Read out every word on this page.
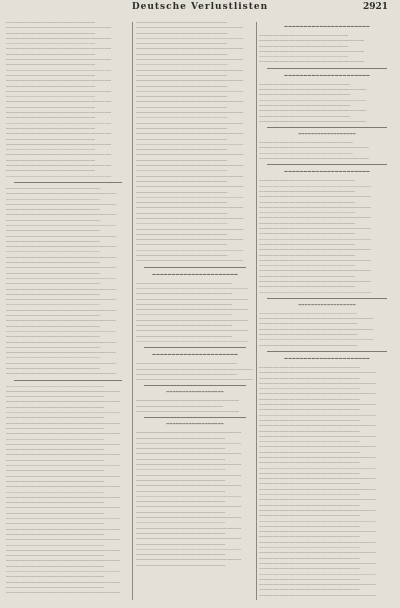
Deutsche Verlustlisten	2921
‒‒‒‒‒‒‒‒‒‒‒‒‒‒‒‒‒‒‒‒‒‒‒‒‒‒‒‒‒‒‒‒‒‒‒‒‒‒‒
‒‒‒‒‒‒‒‒‒‒‒‒‒‒‒‒‒‒‒‒‒‒‒‒‒‒‒‒‒‒‒‒‒‒‒‒‒‒‒‒‒‒‒‒‒‒
‒‒‒‒‒‒‒‒‒‒‒‒‒‒‒‒‒‒‒‒‒‒‒‒‒‒‒‒‒‒‒‒‒‒‒‒‒‒‒
‒‒‒‒‒‒‒‒‒‒‒‒‒‒‒‒‒‒‒‒‒‒‒‒‒‒‒‒‒‒‒‒‒‒‒‒‒‒‒‒‒‒‒‒‒‒
‒‒‒‒‒‒‒‒‒‒‒‒‒‒‒‒‒‒‒‒‒‒‒‒‒‒‒‒‒‒‒‒‒‒‒‒‒‒‒
‒‒‒‒‒‒‒‒‒‒‒‒‒‒‒‒‒‒‒‒‒‒‒‒‒‒‒‒‒‒‒‒‒‒‒‒‒‒‒‒‒‒‒‒‒‒
‒‒‒‒‒‒‒‒‒‒‒‒‒‒‒‒‒‒‒‒‒‒‒‒‒‒‒‒‒‒‒‒‒‒‒‒‒‒‒
‒‒‒‒‒‒‒‒‒‒‒‒‒‒‒‒‒‒‒‒‒‒‒‒‒‒‒‒‒‒‒‒‒‒‒‒‒‒‒‒‒‒‒‒‒‒
‒‒‒‒‒‒‒‒‒‒‒‒‒‒‒‒‒‒‒‒‒‒‒‒‒‒‒‒‒‒‒‒‒‒‒‒‒‒‒
‒‒‒‒‒‒‒‒‒‒‒‒‒‒‒‒‒‒‒‒‒‒‒‒‒‒‒‒‒‒‒‒‒‒‒‒‒‒‒‒‒‒‒‒‒‒
‒‒‒‒‒‒‒‒‒‒‒‒‒‒‒‒‒‒‒‒‒‒‒‒‒‒‒‒‒‒‒‒‒‒‒‒‒‒‒
‒‒‒‒‒‒‒‒‒‒‒‒‒‒‒‒‒‒‒‒‒‒‒‒‒‒‒‒‒‒‒‒‒‒‒‒‒‒‒‒‒‒‒‒‒‒
‒‒‒‒‒‒‒‒‒‒‒‒‒‒‒‒‒‒‒‒‒‒‒‒‒‒‒‒‒‒‒‒‒‒‒‒‒‒‒
‒‒‒‒‒‒‒‒‒‒‒‒‒‒‒‒‒‒‒‒‒‒‒‒‒‒‒‒‒‒‒‒‒‒‒‒‒‒‒‒‒‒‒‒‒‒
‒‒‒‒‒‒‒‒‒‒‒‒‒‒‒‒‒‒‒‒‒‒‒‒‒‒‒‒‒‒‒‒‒‒‒‒‒‒‒
‒‒‒‒‒‒‒‒‒‒‒‒‒‒‒‒‒‒‒‒‒‒‒‒‒‒‒‒‒‒‒‒‒‒‒‒‒‒‒‒‒‒‒‒‒‒
‒‒‒‒‒‒‒‒‒‒‒‒‒‒‒‒‒‒‒‒‒‒‒‒‒‒‒‒‒‒‒‒‒‒‒‒‒‒‒
‒‒‒‒‒‒‒‒‒‒‒‒‒‒‒‒‒‒‒‒‒‒‒‒‒‒‒‒‒‒‒‒‒‒‒‒‒‒‒‒‒‒‒‒‒‒
‒‒‒‒‒‒‒‒‒‒‒‒‒‒‒‒‒‒‒‒‒‒‒‒‒‒‒‒‒‒‒‒‒‒‒‒‒‒‒
‒‒‒‒‒‒‒‒‒‒‒‒‒‒‒‒‒‒‒‒‒‒‒‒‒‒‒‒‒‒‒‒‒‒‒‒‒‒‒‒‒‒‒‒‒‒
‒‒‒‒‒‒‒‒‒‒‒‒‒‒‒‒‒‒‒‒‒‒‒‒‒‒‒‒‒‒‒‒‒‒‒‒‒‒‒
‒‒‒‒‒‒‒‒‒‒‒‒‒‒‒‒‒‒‒‒‒‒‒‒‒‒‒‒‒‒‒‒‒‒‒‒‒‒‒‒‒‒‒‒‒‒
‒‒‒‒‒‒‒‒‒‒‒‒‒‒‒‒‒‒‒‒‒‒‒‒‒‒‒‒‒‒‒‒‒‒‒‒‒‒‒
‒‒‒‒‒‒‒‒‒‒‒‒‒‒‒‒‒‒‒‒‒‒‒‒‒‒‒‒‒‒‒‒‒‒‒‒‒‒‒‒‒‒‒‒‒‒
‒‒‒‒‒‒‒‒‒‒‒‒‒‒‒‒‒‒‒‒‒‒‒‒‒‒‒‒‒‒‒‒‒‒‒‒‒‒‒
‒‒‒‒‒‒‒‒‒‒‒‒‒‒‒‒‒‒‒‒‒‒‒‒‒‒‒‒‒‒‒‒‒‒‒‒‒‒‒‒‒‒‒‒‒‒
‒‒‒‒‒‒‒‒‒‒‒‒‒‒‒‒‒‒‒‒‒‒‒‒‒‒‒‒‒‒‒‒‒‒‒‒‒‒‒
‒‒‒‒‒‒‒‒‒‒‒‒‒‒‒‒‒‒‒‒‒‒‒‒‒‒‒‒‒‒‒‒‒‒‒‒‒‒‒‒‒‒‒‒‒‒
‒‒‒‒‒‒‒‒‒‒‒‒‒‒‒‒‒‒‒‒‒‒‒‒‒‒‒‒‒‒‒‒‒‒‒‒‒‒‒
‒‒‒‒‒‒‒‒‒‒‒‒‒‒‒‒‒‒‒‒‒‒‒‒‒‒‒‒‒‒‒‒‒‒‒‒‒‒‒‒‒‒‒‒‒‒
‒‒‒‒‒‒‒‒‒‒‒‒‒‒‒‒‒‒‒‒‒‒‒‒‒‒‒‒‒‒‒‒‒‒‒‒‒‒‒‒‒
‒‒‒‒‒‒‒‒‒‒‒‒‒‒‒‒‒‒‒‒‒‒‒‒‒‒‒‒‒‒‒‒‒‒‒‒‒‒‒‒‒‒‒‒‒‒‒‒
‒‒‒‒‒‒‒‒‒‒‒‒‒‒‒‒‒‒‒‒‒‒‒‒‒‒‒‒‒‒‒‒‒‒‒‒‒‒‒‒‒
‒‒‒‒‒‒‒‒‒‒‒‒‒‒‒‒‒‒‒‒‒‒‒‒‒‒‒‒‒‒‒‒‒‒‒‒‒‒‒‒‒‒‒‒‒‒‒‒
‒‒‒‒‒‒‒‒‒‒‒‒‒‒‒‒‒‒‒‒‒‒‒‒‒‒‒‒‒‒‒‒‒‒‒‒‒‒‒‒‒
‒‒‒‒‒‒‒‒‒‒‒‒‒‒‒‒‒‒‒‒‒‒‒‒‒‒‒‒‒‒‒‒‒‒‒‒‒‒‒‒‒‒‒‒‒‒‒‒
‒‒‒‒‒‒‒‒‒‒‒‒‒‒‒‒‒‒‒‒‒‒‒‒‒‒‒‒‒‒‒‒‒‒‒‒‒‒‒‒‒
‒‒‒‒‒‒‒‒‒‒‒‒‒‒‒‒‒‒‒‒‒‒‒‒‒‒‒‒‒‒‒‒‒‒‒‒‒‒‒‒‒‒‒‒‒‒‒‒
‒‒‒‒‒‒‒‒‒‒‒‒‒‒‒‒‒‒‒‒‒‒‒‒‒‒‒‒‒‒‒‒‒‒‒‒‒‒‒‒‒
‒‒‒‒‒‒‒‒‒‒‒‒‒‒‒‒‒‒‒‒‒‒‒‒‒‒‒‒‒‒‒‒‒‒‒‒‒‒‒‒‒‒‒‒‒‒‒‒
‒‒‒‒‒‒‒‒‒‒‒‒‒‒‒‒‒‒‒‒‒‒‒‒‒‒‒‒‒‒‒‒‒‒‒‒‒‒‒‒‒
‒‒‒‒‒‒‒‒‒‒‒‒‒‒‒‒‒‒‒‒‒‒‒‒‒‒‒‒‒‒‒‒‒‒‒‒‒‒‒‒‒‒‒‒‒‒‒‒
‒‒‒‒‒‒‒‒‒‒‒‒‒‒‒‒‒‒‒‒‒‒‒‒‒‒‒‒‒‒‒‒‒‒‒‒‒‒‒‒‒
‒‒‒‒‒‒‒‒‒‒‒‒‒‒‒‒‒‒‒‒‒‒‒‒‒‒‒‒‒‒‒‒‒‒‒‒‒‒‒‒‒‒‒‒‒‒‒‒
‒‒‒‒‒‒‒‒‒‒‒‒‒‒‒‒‒‒‒‒‒‒‒‒‒‒‒‒‒‒‒‒‒‒‒‒‒‒‒‒‒
‒‒‒‒‒‒‒‒‒‒‒‒‒‒‒‒‒‒‒‒‒‒‒‒‒‒‒‒‒‒‒‒‒‒‒‒‒‒‒‒‒‒‒‒‒‒‒‒
‒‒‒‒‒‒‒‒‒‒‒‒‒‒‒‒‒‒‒‒‒‒‒‒‒‒‒‒‒‒‒‒‒‒‒‒‒‒‒‒‒
‒‒‒‒‒‒‒‒‒‒‒‒‒‒‒‒‒‒‒‒‒‒‒‒‒‒‒‒‒‒‒‒‒‒‒‒‒‒‒‒‒‒‒‒‒‒‒‒
‒‒‒‒‒‒‒‒‒‒‒‒‒‒‒‒‒‒‒‒‒‒‒‒‒‒‒‒‒‒‒‒‒‒‒‒‒‒‒‒‒
‒‒‒‒‒‒‒‒‒‒‒‒‒‒‒‒‒‒‒‒‒‒‒‒‒‒‒‒‒‒‒‒‒‒‒‒‒‒‒‒‒‒‒‒‒‒‒‒
‒‒‒‒‒‒‒‒‒‒‒‒‒‒‒‒‒‒‒‒‒‒‒‒‒‒‒‒‒‒‒‒‒‒‒‒‒‒‒‒‒
‒‒‒‒‒‒‒‒‒‒‒‒‒‒‒‒‒‒‒‒‒‒‒‒‒‒‒‒‒‒‒‒‒‒‒‒‒‒‒‒‒‒‒‒‒‒‒‒
‒‒‒‒‒‒‒‒‒‒‒‒‒‒‒‒‒‒‒‒‒‒‒‒‒‒‒‒‒‒‒‒‒‒‒‒‒‒‒‒‒
‒‒‒‒‒‒‒‒‒‒‒‒‒‒‒‒‒‒‒‒‒‒‒‒‒‒‒‒‒‒‒‒‒‒‒‒‒‒‒‒‒‒‒‒‒‒‒‒
‒‒‒‒‒‒‒‒‒‒‒‒‒‒‒‒‒‒‒‒‒‒‒‒‒‒‒‒‒‒‒‒‒‒‒‒‒‒‒‒‒
‒‒‒‒‒‒‒‒‒‒‒‒‒‒‒‒‒‒‒‒‒‒‒‒‒‒‒‒‒‒‒‒‒‒‒‒‒‒‒‒‒‒‒‒‒‒‒‒
‒‒‒‒‒‒‒‒‒‒‒‒‒‒‒‒‒‒‒‒‒‒‒‒‒‒‒‒‒‒‒‒‒‒‒‒‒‒‒‒‒
‒‒‒‒‒‒‒‒‒‒‒‒‒‒‒‒‒‒‒‒‒‒‒‒‒‒‒‒‒‒‒‒‒‒‒‒‒‒‒‒‒‒‒‒‒‒‒‒
‒‒‒‒‒‒‒‒‒‒‒‒‒‒‒‒‒‒‒‒‒‒‒‒‒‒‒‒‒‒‒‒‒‒‒‒‒‒‒‒‒
‒‒‒‒‒‒‒‒‒‒‒‒‒‒‒‒‒‒‒‒‒‒‒‒‒‒‒‒‒‒‒‒‒‒‒‒‒‒‒‒‒‒‒‒‒‒‒‒
‒‒‒‒‒‒‒‒‒‒‒‒‒‒‒‒‒‒‒‒‒‒‒‒‒‒‒‒‒‒‒‒‒‒‒‒‒‒‒‒‒
‒‒‒‒‒‒‒‒‒‒‒‒‒‒‒‒‒‒‒‒‒‒‒‒‒‒‒‒‒‒‒‒‒‒‒‒‒‒‒‒‒‒‒‒‒‒‒‒
‒‒‒‒‒‒‒‒‒‒‒‒‒‒‒‒‒‒‒‒‒‒‒‒‒‒‒‒‒‒‒‒‒‒‒‒‒‒‒‒‒
‒‒‒‒‒‒‒‒‒‒‒‒‒‒‒‒‒‒‒‒‒‒‒‒‒‒‒‒‒‒‒‒‒‒‒‒‒‒‒‒‒‒‒‒‒‒‒‒
‒‒‒‒‒‒‒‒‒‒‒‒‒‒‒‒‒‒‒‒‒‒‒‒‒‒‒‒‒‒‒‒‒‒‒‒‒‒‒‒‒
‒‒‒‒‒‒‒‒‒‒‒‒‒‒‒‒‒‒‒‒‒‒‒‒‒‒‒‒‒‒‒‒‒‒‒‒‒‒‒‒‒‒‒‒‒‒‒‒
‒‒‒‒‒‒‒‒‒‒‒‒‒‒‒‒‒‒‒‒‒‒‒‒‒‒‒‒‒‒‒‒‒‒‒‒‒‒‒‒‒‒‒
‒‒‒‒‒‒‒‒‒‒‒‒‒‒‒‒‒‒‒‒‒‒‒‒‒‒‒‒‒‒‒‒‒‒‒‒‒‒‒‒‒‒‒‒‒‒‒‒‒‒
‒‒‒‒‒‒‒‒‒‒‒‒‒‒‒‒‒‒‒‒‒‒‒‒‒‒‒‒‒‒‒‒‒‒‒‒‒‒‒‒‒‒‒
‒‒‒‒‒‒‒‒‒‒‒‒‒‒‒‒‒‒‒‒‒‒‒‒‒‒‒‒‒‒‒‒‒‒‒‒‒‒‒‒‒‒‒‒‒‒‒‒‒‒
‒‒‒‒‒‒‒‒‒‒‒‒‒‒‒‒‒‒‒‒‒‒‒‒‒‒‒‒‒‒‒‒‒‒‒‒‒‒‒‒‒‒‒
‒‒‒‒‒‒‒‒‒‒‒‒‒‒‒‒‒‒‒‒‒‒‒‒‒‒‒‒‒‒‒‒‒‒‒‒‒‒‒‒‒‒‒‒‒‒‒‒‒‒
‒‒‒‒‒‒‒‒‒‒‒‒‒‒‒‒‒‒‒‒‒‒‒‒‒‒‒‒‒‒‒‒‒‒‒‒‒‒‒‒‒‒‒
‒‒‒‒‒‒‒‒‒‒‒‒‒‒‒‒‒‒‒‒‒‒‒‒‒‒‒‒‒‒‒‒‒‒‒‒‒‒‒‒‒‒‒‒‒‒‒‒‒‒
‒‒‒‒‒‒‒‒‒‒‒‒‒‒‒‒‒‒‒‒‒‒‒‒‒‒‒‒‒‒‒‒‒‒‒‒‒‒‒‒‒‒‒
‒‒‒‒‒‒‒‒‒‒‒‒‒‒‒‒‒‒‒‒‒‒‒‒‒‒‒‒‒‒‒‒‒‒‒‒‒‒‒‒‒‒‒‒‒‒‒‒‒‒
‒‒‒‒‒‒‒‒‒‒‒‒‒‒‒‒‒‒‒‒‒‒‒‒‒‒‒‒‒‒‒‒‒‒‒‒‒‒‒‒‒‒‒
‒‒‒‒‒‒‒‒‒‒‒‒‒‒‒‒‒‒‒‒‒‒‒‒‒‒‒‒‒‒‒‒‒‒‒‒‒‒‒‒‒‒‒‒‒‒‒‒‒‒
‒‒‒‒‒‒‒‒‒‒‒‒‒‒‒‒‒‒‒‒‒‒‒‒‒‒‒‒‒‒‒‒‒‒‒‒‒‒‒‒‒‒‒
‒‒‒‒‒‒‒‒‒‒‒‒‒‒‒‒‒‒‒‒‒‒‒‒‒‒‒‒‒‒‒‒‒‒‒‒‒‒‒‒‒‒‒‒‒‒‒‒‒‒
‒‒‒‒‒‒‒‒‒‒‒‒‒‒‒‒‒‒‒‒‒‒‒‒‒‒‒‒‒‒‒‒‒‒‒‒‒‒‒‒‒‒‒
‒‒‒‒‒‒‒‒‒‒‒‒‒‒‒‒‒‒‒‒‒‒‒‒‒‒‒‒‒‒‒‒‒‒‒‒‒‒‒‒‒‒‒‒‒‒‒‒‒‒
‒‒‒‒‒‒‒‒‒‒‒‒‒‒‒‒‒‒‒‒‒‒‒‒‒‒‒‒‒‒‒‒‒‒‒‒‒‒‒‒‒‒‒
‒‒‒‒‒‒‒‒‒‒‒‒‒‒‒‒‒‒‒‒‒‒‒‒‒‒‒‒‒‒‒‒‒‒‒‒‒‒‒‒‒‒‒‒‒‒‒‒‒‒
‒‒‒‒‒‒‒‒‒‒‒‒‒‒‒‒‒‒‒‒‒‒‒‒‒‒‒‒‒‒‒‒‒‒‒‒‒‒‒‒‒‒‒
‒‒‒‒‒‒‒‒‒‒‒‒‒‒‒‒‒‒‒‒‒‒‒‒‒‒‒‒‒‒‒‒‒‒‒‒‒‒‒‒‒‒‒‒‒‒‒‒‒‒
‒‒‒‒‒‒‒‒‒‒‒‒‒‒‒‒‒‒‒‒‒‒‒‒‒‒‒‒‒‒‒‒‒‒‒‒‒‒‒‒‒‒‒
‒‒‒‒‒‒‒‒‒‒‒‒‒‒‒‒‒‒‒‒‒‒‒‒‒‒‒‒‒‒‒‒‒‒‒‒‒‒‒‒‒‒‒‒‒‒‒‒‒‒
‒‒‒‒‒‒‒‒‒‒‒‒‒‒‒‒‒‒‒‒‒‒‒‒‒‒‒‒‒‒‒‒‒‒‒‒‒‒‒‒‒‒‒
‒‒‒‒‒‒‒‒‒‒‒‒‒‒‒‒‒‒‒‒‒‒‒‒‒‒‒‒‒‒‒‒‒‒‒‒‒‒‒‒‒‒‒‒‒‒‒‒‒‒
‒‒‒‒‒‒‒‒‒‒‒‒‒‒‒‒‒‒‒‒‒‒‒‒‒‒‒‒‒‒‒‒‒‒‒‒‒‒‒‒‒‒‒
‒‒‒‒‒‒‒‒‒‒‒‒‒‒‒‒‒‒‒‒‒‒‒‒‒‒‒‒‒‒‒‒‒‒‒‒‒‒‒‒‒‒‒‒‒‒‒‒‒‒
‒‒‒‒‒‒‒‒‒‒‒‒‒‒‒‒‒‒‒‒‒‒‒‒‒‒‒‒‒‒‒‒‒‒‒‒‒‒‒‒‒‒‒
‒‒‒‒‒‒‒‒‒‒‒‒‒‒‒‒‒‒‒‒‒‒‒‒‒‒‒‒‒‒‒‒‒‒‒‒‒‒‒‒‒‒‒‒‒‒‒‒‒‒
‒‒‒‒‒‒‒‒‒‒‒‒‒‒‒‒‒‒‒‒‒‒‒‒‒‒‒‒‒‒‒‒‒‒‒‒‒‒‒‒‒‒‒
‒‒‒‒‒‒‒‒‒‒‒‒‒‒‒‒‒‒‒‒‒‒‒‒‒‒‒‒‒‒‒‒‒‒‒‒‒‒‒‒‒‒‒‒‒‒‒‒‒‒
‒‒‒‒‒‒‒‒‒‒‒‒‒‒‒‒‒‒‒‒‒‒‒‒‒‒‒‒‒‒‒‒‒‒‒‒‒‒‒‒‒‒‒
‒‒‒‒‒‒‒‒‒‒‒‒‒‒‒‒‒‒‒‒‒‒‒‒‒‒‒‒‒‒‒‒‒‒‒‒‒‒‒‒‒‒‒‒‒‒‒‒‒‒
‒‒‒‒‒‒‒‒‒‒‒‒‒‒‒‒‒‒‒‒‒‒‒‒‒‒‒‒‒‒‒‒‒‒‒‒‒‒‒‒‒‒‒
‒‒‒‒‒‒‒‒‒‒‒‒‒‒‒‒‒‒‒‒‒‒‒‒‒‒‒‒‒‒‒‒‒‒‒‒‒‒‒‒‒‒‒‒‒‒‒‒‒‒
‒‒‒‒‒‒‒‒‒‒‒‒‒‒‒‒‒‒‒‒‒‒‒‒‒‒‒‒‒‒‒‒‒‒‒‒‒‒‒‒‒‒‒
‒‒‒‒‒‒‒‒‒‒‒‒‒‒‒‒‒‒‒‒‒‒‒‒‒‒‒‒‒‒‒‒‒‒‒‒‒‒‒‒‒‒‒‒‒‒‒‒‒‒
‒‒‒‒‒‒‒‒‒‒‒‒‒‒‒‒‒‒‒‒‒‒‒‒‒‒‒‒‒‒‒‒‒‒‒‒‒‒‒‒‒‒‒
‒‒‒‒‒‒‒‒‒‒‒‒‒‒‒‒‒‒‒‒‒‒‒‒‒‒‒‒‒‒‒‒‒‒‒‒‒‒‒‒‒‒‒‒‒‒‒‒‒‒
‒‒‒‒‒‒‒‒‒‒‒‒‒‒‒‒‒‒‒‒‒‒‒‒‒‒‒‒‒‒‒‒‒‒‒‒‒‒‒‒‒‒‒
‒‒‒‒‒‒‒‒‒‒‒‒‒‒‒‒‒‒‒‒‒‒‒‒‒‒‒‒‒‒‒‒‒‒‒‒‒‒‒‒‒‒‒‒‒‒‒‒‒‒
‒‒‒‒‒‒‒‒‒‒‒‒‒‒‒‒‒‒‒‒‒‒‒‒‒‒‒‒‒‒‒‒‒‒‒‒‒‒‒‒
‒‒‒‒‒‒‒‒‒‒‒‒‒‒‒‒‒‒‒‒‒‒‒‒‒‒‒‒‒‒‒‒‒‒‒‒‒‒‒‒‒‒‒‒‒‒‒
‒‒‒‒‒‒‒‒‒‒‒‒‒‒‒‒‒‒‒‒‒‒‒‒‒‒‒‒‒‒‒‒‒‒‒‒‒‒‒‒
‒‒‒‒‒‒‒‒‒‒‒‒‒‒‒‒‒‒‒‒‒‒‒‒‒‒‒‒‒‒‒‒‒‒‒‒‒‒‒‒‒‒‒‒‒‒‒
‒‒‒‒‒‒‒‒‒‒‒‒‒‒‒‒‒‒‒‒‒‒‒‒‒‒‒‒‒‒‒‒‒‒‒‒‒‒‒‒
‒‒‒‒‒‒‒‒‒‒‒‒‒‒‒‒‒‒‒‒‒‒‒‒‒‒‒‒‒‒‒‒‒‒‒‒‒‒‒‒‒‒‒‒‒‒‒
‒‒‒‒‒‒‒‒‒‒‒‒‒‒‒‒‒‒‒‒‒‒‒‒‒‒‒‒‒‒‒‒‒‒‒‒‒‒‒‒
‒‒‒‒‒‒‒‒‒‒‒‒‒‒‒‒‒‒‒‒‒‒‒‒‒‒‒‒‒‒‒‒‒‒‒‒‒‒‒‒‒‒‒‒‒‒‒
‒‒‒‒‒‒‒‒‒‒‒‒‒‒‒‒‒‒‒‒‒‒‒‒‒‒‒‒‒‒‒‒‒‒‒‒‒‒‒‒
‒‒‒‒‒‒‒‒‒‒‒‒‒‒‒‒‒‒‒‒‒‒‒‒‒‒‒‒‒‒‒‒‒‒‒‒‒‒‒‒‒‒‒‒‒‒‒
‒‒‒‒‒‒‒‒‒‒‒‒‒‒‒‒‒‒‒‒‒‒‒‒‒‒‒‒‒‒‒‒‒‒‒‒‒‒‒‒
‒‒‒‒‒‒‒‒‒‒‒‒‒‒‒‒‒‒‒‒‒‒‒‒‒‒‒‒‒‒‒‒‒‒‒‒‒‒‒‒‒‒‒‒‒‒‒
‒‒‒‒‒‒‒‒‒‒‒‒‒‒‒‒‒‒‒‒‒‒‒‒‒‒‒‒‒‒‒‒‒‒‒‒‒‒‒‒
‒‒‒‒‒‒‒‒‒‒‒‒‒‒‒‒‒‒‒‒‒‒‒‒‒‒‒‒‒‒‒‒‒‒‒‒‒‒‒‒‒‒‒‒‒‒‒
‒‒‒‒‒‒‒‒‒‒‒‒‒‒‒‒‒‒‒‒‒‒‒‒‒‒‒‒‒‒‒‒‒‒‒‒‒‒‒‒
‒‒‒‒‒‒‒‒‒‒‒‒‒‒‒‒‒‒‒‒‒‒‒‒‒‒‒‒‒‒‒‒‒‒‒‒‒‒‒‒‒‒‒‒‒‒‒
‒‒‒‒‒‒‒‒‒‒‒‒‒‒‒‒‒‒‒‒‒‒‒‒‒‒‒‒‒‒‒‒‒‒‒‒‒‒‒‒
‒‒‒‒‒‒‒‒‒‒‒‒‒‒‒‒‒‒‒‒‒‒‒‒‒‒‒‒‒‒‒‒‒‒‒‒‒‒‒‒‒‒‒‒‒‒‒
‒‒‒‒‒‒‒‒‒‒‒‒‒‒‒‒‒‒‒‒‒‒‒‒‒‒‒‒‒‒‒‒‒‒‒‒‒‒‒‒
‒‒‒‒‒‒‒‒‒‒‒‒‒‒‒‒‒‒‒‒‒‒‒‒‒‒‒‒‒‒‒‒‒‒‒‒‒‒‒‒‒‒‒‒‒‒‒
‒‒‒‒‒‒‒‒‒‒‒‒‒‒‒‒‒‒‒‒‒‒‒‒‒‒‒‒‒‒‒‒‒‒‒‒‒‒‒‒
‒‒‒‒‒‒‒‒‒‒‒‒‒‒‒‒‒‒‒‒‒‒‒‒‒‒‒‒‒‒‒‒‒‒‒‒‒‒‒‒‒‒‒‒‒‒‒
‒‒‒‒‒‒‒‒‒‒‒‒‒‒‒‒‒‒‒‒‒‒‒‒‒‒‒‒‒‒‒‒‒‒‒‒‒‒‒‒
‒‒‒‒‒‒‒‒‒‒‒‒‒‒‒‒‒‒‒‒‒‒‒‒‒‒‒‒‒‒‒‒‒‒‒‒‒‒‒‒‒‒‒‒‒‒‒
‒‒‒‒‒‒‒‒‒‒‒‒‒‒‒‒‒‒‒‒‒‒‒‒‒‒‒‒‒‒‒‒‒‒‒‒‒‒‒‒
‒‒‒‒‒‒‒‒‒‒‒‒‒‒‒‒‒‒‒‒‒‒‒‒‒‒‒‒‒‒‒‒‒‒‒‒‒‒‒‒‒‒‒‒‒‒‒
‒‒‒‒‒‒‒‒‒‒‒‒‒‒‒‒‒‒‒‒‒‒‒‒‒‒‒‒‒‒‒‒‒‒‒‒‒‒‒‒
‒‒‒‒‒‒‒‒‒‒‒‒‒‒‒‒‒‒‒‒‒‒‒‒‒‒‒‒‒‒‒‒‒‒‒‒‒‒‒‒‒‒‒‒‒‒‒
‒‒‒‒‒‒‒‒‒‒‒‒‒‒‒‒‒‒‒‒‒‒‒‒‒‒‒‒‒‒‒‒‒‒‒‒‒‒‒‒
‒‒‒‒‒‒‒‒‒‒‒‒‒‒‒‒‒‒‒‒‒‒‒‒‒‒‒‒‒‒‒‒‒‒‒‒‒‒‒‒‒‒‒‒‒‒‒
‒‒‒‒‒‒‒‒‒‒‒‒‒‒‒‒‒‒‒‒‒‒‒‒‒‒‒‒‒‒‒‒‒‒‒‒‒‒‒‒
‒‒‒‒‒‒‒‒‒‒‒‒‒‒‒‒‒‒‒‒‒‒‒‒‒‒‒‒‒‒‒‒‒‒‒‒‒‒‒‒‒‒‒‒‒‒‒
‒‒‒‒‒‒‒‒‒‒‒‒‒‒‒‒‒‒‒‒‒‒‒‒‒‒‒‒‒‒‒‒‒‒‒‒‒‒‒‒
‒‒‒‒‒‒‒‒‒‒‒‒‒‒‒‒‒‒‒‒‒‒‒‒‒‒‒‒‒‒‒‒‒‒‒‒‒‒‒‒‒‒‒‒‒‒‒
‒‒‒‒‒‒‒‒‒‒‒‒‒‒‒‒‒‒‒‒‒‒‒‒‒‒‒‒‒‒‒‒‒‒‒‒‒‒‒‒
‒‒‒‒‒‒‒‒‒‒‒‒‒‒‒‒‒‒‒‒‒‒‒‒‒‒‒‒‒‒‒‒‒‒‒‒‒‒‒‒‒‒‒‒‒‒‒
‒‒‒‒‒‒‒‒‒‒‒‒‒‒‒‒‒‒‒‒‒‒‒‒‒‒‒‒‒‒‒‒‒‒‒‒‒‒‒‒
‒‒‒‒‒‒‒‒‒‒‒‒‒‒‒‒‒‒‒‒‒‒‒‒‒‒‒‒‒‒‒‒‒‒‒‒‒‒‒‒‒‒‒‒‒‒‒
‒‒‒‒‒‒‒‒‒‒‒‒‒‒‒‒‒‒‒‒‒‒‒‒‒‒‒‒‒‒‒‒‒‒‒‒‒‒‒‒
‒‒‒‒‒‒‒‒‒‒‒‒‒‒‒‒‒‒‒‒‒‒‒‒‒‒‒‒‒‒‒‒‒‒‒‒‒‒‒‒‒‒‒‒‒‒‒
‒‒‒‒‒‒‒‒‒‒‒‒‒‒‒‒‒‒‒‒‒‒‒‒‒‒‒‒‒‒‒‒‒‒‒‒‒‒‒‒
‒‒‒‒‒‒‒‒‒‒‒‒‒‒‒‒‒‒‒‒‒‒‒‒‒‒‒‒‒‒‒‒‒‒‒‒‒‒‒‒‒‒‒‒‒‒‒
‒‒‒‒‒‒‒‒‒‒‒‒‒‒‒‒‒‒‒‒‒‒‒‒‒‒‒‒‒‒‒‒‒‒‒‒‒‒‒‒
‒‒‒‒‒‒‒‒‒‒‒‒‒‒‒‒‒‒‒‒‒‒‒‒‒‒‒‒‒‒‒‒‒‒‒‒‒‒‒‒‒‒‒‒‒‒‒
‒‒‒‒‒‒‒‒‒‒‒‒‒‒‒‒‒‒‒‒‒‒‒‒‒‒‒‒‒‒‒‒‒‒‒‒‒‒‒‒
‒‒‒‒‒‒‒‒‒‒‒‒‒‒‒‒‒‒‒‒‒‒‒‒‒‒‒‒‒‒‒‒‒‒‒‒‒‒‒‒‒‒‒‒‒‒‒
‒‒‒‒‒‒‒‒‒‒‒‒‒‒‒‒‒‒‒‒‒‒
‒‒‒‒‒‒‒‒‒‒‒‒‒‒‒‒‒‒‒‒‒‒‒‒‒‒‒‒‒‒‒‒‒‒‒‒‒‒‒‒‒‒
‒‒‒‒‒‒‒‒‒‒‒‒‒‒‒‒‒‒‒‒‒‒‒‒‒‒‒‒‒‒‒‒‒‒‒‒‒‒‒‒‒‒‒‒‒‒‒‒‒
‒‒‒‒‒‒‒‒‒‒‒‒‒‒‒‒‒‒‒‒‒‒‒‒‒‒‒‒‒‒‒‒‒‒‒‒‒‒‒‒‒‒
‒‒‒‒‒‒‒‒‒‒‒‒‒‒‒‒‒‒‒‒‒‒‒‒‒‒‒‒‒‒‒‒‒‒‒‒‒‒‒‒‒‒‒‒‒‒‒‒‒
‒‒‒‒‒‒‒‒‒‒‒‒‒‒‒‒‒‒‒‒‒‒‒‒‒‒‒‒‒‒‒‒‒‒‒‒‒‒‒‒‒‒
‒‒‒‒‒‒‒‒‒‒‒‒‒‒‒‒‒‒‒‒‒‒‒‒‒‒‒‒‒‒‒‒‒‒‒‒‒‒‒‒‒‒‒‒‒‒‒‒‒
‒‒‒‒‒‒‒‒‒‒‒‒‒‒‒‒‒‒‒‒‒‒‒‒‒‒‒‒‒‒‒‒‒‒‒‒‒‒‒‒‒‒
‒‒‒‒‒‒‒‒‒‒‒‒‒‒‒‒‒‒‒‒‒‒‒‒‒‒‒‒‒‒‒‒‒‒‒‒‒‒‒‒‒‒‒‒‒‒‒‒‒
‒‒‒‒‒‒‒‒‒‒‒‒‒‒‒‒‒‒‒‒‒‒‒‒‒‒‒‒‒‒‒‒‒‒‒‒‒‒‒‒‒‒
‒‒‒‒‒‒‒‒‒‒‒‒‒‒‒‒‒‒‒‒‒‒‒‒‒‒‒‒‒‒‒‒‒‒‒‒‒‒‒‒‒‒‒‒‒‒‒‒‒
‒‒‒‒‒‒‒‒‒‒‒‒‒‒‒‒‒‒‒‒‒‒‒‒‒‒‒‒‒‒‒‒‒‒‒‒‒‒‒‒‒‒
‒‒‒‒‒‒‒‒‒‒‒‒‒‒‒‒‒‒‒‒‒‒‒‒‒‒‒‒‒‒‒‒‒‒‒‒‒‒‒‒‒‒‒‒‒‒‒‒‒
‒‒‒‒‒‒‒‒‒‒‒‒‒‒‒‒‒‒‒‒‒‒
‒‒‒‒‒‒‒‒‒‒‒‒‒‒‒‒‒‒‒‒‒‒‒‒‒‒‒‒‒‒‒‒‒‒‒‒‒‒‒‒‒‒‒‒
‒‒‒‒‒‒‒‒‒‒‒‒‒‒‒‒‒‒‒‒‒‒‒‒‒‒‒‒‒‒‒‒‒‒‒‒‒‒‒‒‒‒‒‒‒‒‒‒‒‒‒
‒‒‒‒‒‒‒‒‒‒‒‒‒‒‒‒‒‒‒‒‒‒‒‒‒‒‒‒‒‒‒‒‒‒‒‒‒‒‒‒‒‒‒‒
‒‒‒‒‒‒‒‒‒‒‒‒‒‒‒‒‒‒‒‒‒‒‒‒‒‒‒‒‒‒‒‒‒‒‒‒‒‒‒‒‒‒‒‒‒‒‒‒‒‒‒
‒‒‒‒‒‒‒‒‒‒‒‒‒‒‒‒‒‒
‒‒‒‒‒‒‒‒‒‒‒‒‒‒‒‒‒‒‒‒‒‒‒‒‒‒‒‒‒‒‒‒‒‒‒‒‒‒‒‒‒‒‒‒‒
‒‒‒‒‒‒‒‒‒‒‒‒‒‒‒‒‒‒‒‒‒‒‒‒‒‒‒‒‒‒‒‒‒‒‒‒‒‒
‒‒‒‒‒‒‒‒‒‒‒‒‒‒‒‒‒‒‒‒‒‒‒‒‒‒‒‒‒‒‒‒‒‒‒‒‒‒‒‒‒‒‒‒‒
‒‒‒‒‒‒‒‒‒‒‒‒‒‒‒‒‒‒
‒‒‒‒‒‒‒‒‒‒‒‒‒‒‒‒‒‒‒‒‒‒‒‒‒‒‒‒‒‒‒‒‒‒‒‒‒‒‒‒‒‒‒‒‒‒
‒‒‒‒‒‒‒‒‒‒‒‒‒‒‒‒‒‒‒‒‒‒‒‒‒‒‒‒‒‒‒‒‒‒‒‒‒‒‒
‒‒‒‒‒‒‒‒‒‒‒‒‒‒‒‒‒‒‒‒‒‒‒‒‒‒‒‒‒‒‒‒‒‒‒‒‒‒‒‒‒‒‒‒‒‒
‒‒‒‒‒‒‒‒‒‒‒‒‒‒‒‒‒‒‒‒‒‒‒‒‒‒‒‒‒‒‒‒‒‒‒‒‒‒‒
‒‒‒‒‒‒‒‒‒‒‒‒‒‒‒‒‒‒‒‒‒‒‒‒‒‒‒‒‒‒‒‒‒‒‒‒‒‒‒‒‒‒‒‒‒‒
‒‒‒‒‒‒‒‒‒‒‒‒‒‒‒‒‒‒‒‒‒‒‒‒‒‒‒‒‒‒‒‒‒‒‒‒‒‒‒
‒‒‒‒‒‒‒‒‒‒‒‒‒‒‒‒‒‒‒‒‒‒‒‒‒‒‒‒‒‒‒‒‒‒‒‒‒‒‒‒‒‒‒‒‒‒
‒‒‒‒‒‒‒‒‒‒‒‒‒‒‒‒‒‒‒‒‒‒‒‒‒‒‒‒‒‒‒‒‒‒‒‒‒‒‒
‒‒‒‒‒‒‒‒‒‒‒‒‒‒‒‒‒‒‒‒‒‒‒‒‒‒‒‒‒‒‒‒‒‒‒‒‒‒‒‒‒‒‒‒‒‒
‒‒‒‒‒‒‒‒‒‒‒‒‒‒‒‒‒‒‒‒‒‒‒‒‒‒‒‒‒‒‒‒‒‒‒‒‒‒‒
‒‒‒‒‒‒‒‒‒‒‒‒‒‒‒‒‒‒‒‒‒‒‒‒‒‒‒‒‒‒‒‒‒‒‒‒‒‒‒‒‒‒‒‒‒‒
‒‒‒‒‒‒‒‒‒‒‒‒‒‒‒‒‒‒‒‒‒‒‒‒‒‒‒‒‒‒‒‒‒‒‒‒‒‒‒
‒‒‒‒‒‒‒‒‒‒‒‒‒‒‒‒‒‒‒‒‒‒‒‒‒‒‒‒‒‒‒‒‒‒‒‒‒‒‒‒‒‒‒‒‒‒
‒‒‒‒‒‒‒‒‒‒‒‒‒‒‒‒‒‒‒‒‒‒‒‒‒‒‒‒‒‒‒‒‒‒‒‒‒‒‒
‒‒‒‒‒‒‒‒‒‒‒‒‒‒‒‒‒‒‒‒‒‒‒‒‒‒‒‒‒‒‒‒‒‒‒‒‒‒‒‒‒‒‒‒‒‒
‒‒‒‒‒‒‒‒‒‒‒‒‒‒‒‒‒‒‒‒‒‒‒‒‒‒‒‒‒‒‒‒‒‒‒‒‒‒‒
‒‒‒‒‒‒‒‒‒‒‒‒‒‒‒‒‒‒‒‒‒‒‒‒‒‒‒‒‒‒‒‒‒‒‒‒‒‒‒‒‒‒‒‒‒‒
‒‒‒‒‒‒‒‒‒‒‒‒‒‒‒‒‒‒‒‒‒‒‒‒‒‒‒‒‒‒‒‒‒‒‒‒‒‒‒
‒‒‒‒‒‒‒‒‒‒‒‒‒‒‒‒‒‒‒‒‒‒‒‒‒‒‒‒‒‒‒‒‒‒‒‒‒‒‒‒‒‒‒‒‒‒
‒‒‒‒‒‒‒‒‒‒‒‒‒‒‒‒‒‒‒‒‒‒‒‒‒‒‒‒‒‒‒‒‒‒‒‒‒‒‒
‒‒‒‒‒‒‒‒‒‒‒‒‒‒‒‒‒‒‒‒‒‒‒‒‒‒‒‒‒‒‒‒‒‒‒‒‒‒‒‒‒‒‒‒‒‒
‒‒‒‒‒‒‒‒‒‒‒‒‒‒‒‒‒‒‒‒‒‒‒‒‒‒‒‒‒‒‒‒‒‒‒‒‒‒‒
‒‒‒‒‒‒‒‒‒‒‒‒‒‒‒‒‒‒‒‒‒‒‒‒‒‒‒‒‒‒‒‒‒‒‒‒‒‒‒‒‒‒‒‒‒‒
‒‒‒‒‒‒‒‒‒‒‒‒‒‒‒‒‒‒‒‒‒‒‒‒‒‒‒‒‒‒‒‒‒‒‒‒‒‒‒
‒‒‒‒‒‒‒‒‒‒‒‒‒‒‒‒‒‒‒‒‒‒‒‒‒‒‒‒‒‒‒‒‒‒‒‒‒‒‒‒‒‒‒‒‒‒
‒‒‒‒‒‒‒‒‒‒‒‒‒‒‒‒‒‒‒‒‒‒‒‒‒‒‒‒‒‒‒‒‒‒‒‒‒‒‒
‒‒‒‒‒‒‒‒‒‒‒‒‒‒‒‒‒‒‒‒‒‒
‒‒‒‒‒‒‒‒‒‒‒‒‒‒‒‒‒‒‒‒‒‒‒‒‒‒‒‒‒‒‒‒‒‒‒‒‒‒‒
‒‒‒‒‒‒‒‒‒‒‒‒‒‒‒‒‒‒‒‒‒‒‒‒‒‒‒‒‒‒‒‒‒‒‒‒‒‒‒‒‒‒‒‒‒‒
‒‒‒‒‒‒‒‒‒‒‒‒‒‒‒‒‒‒‒‒‒‒‒‒‒‒‒‒‒‒‒‒‒‒‒‒‒‒‒
‒‒‒‒‒‒‒‒‒‒‒‒‒‒‒‒‒‒‒‒‒‒‒‒‒‒‒‒‒‒‒‒‒‒‒‒‒‒‒‒‒‒‒‒‒‒
‒‒‒‒‒‒‒‒‒‒‒‒‒‒‒‒‒‒‒‒‒‒‒‒‒‒‒‒‒‒‒‒‒‒‒‒‒‒‒
‒‒‒‒‒‒‒‒‒‒‒‒‒‒‒‒‒‒‒‒‒‒‒‒‒‒‒‒‒‒‒‒‒‒‒‒‒‒‒‒‒‒‒‒‒‒
‒‒‒‒‒‒‒‒‒‒‒‒‒‒‒‒‒‒‒‒‒‒
‒‒‒‒‒‒‒‒‒‒‒‒‒‒‒‒‒‒‒‒‒‒‒‒‒‒‒‒‒‒‒‒‒‒‒‒‒‒‒‒
‒‒‒‒‒‒‒‒‒‒‒‒‒‒‒‒‒‒‒‒‒‒‒‒‒‒‒‒‒‒‒‒‒‒‒‒‒‒‒‒‒‒‒‒‒‒‒
‒‒‒‒‒‒‒‒‒‒‒‒‒‒‒‒‒‒‒‒‒‒‒‒‒‒‒‒‒‒‒‒‒‒‒‒‒‒‒‒
‒‒‒‒‒‒‒‒‒‒‒‒‒‒‒‒‒‒‒‒‒‒‒‒‒‒‒‒‒‒‒‒‒‒‒‒‒‒‒‒‒‒‒‒‒‒‒
‒‒‒‒‒‒‒‒‒‒‒‒‒‒‒‒‒‒‒‒‒‒‒‒‒‒‒‒‒‒‒‒‒‒‒‒‒‒‒‒
‒‒‒‒‒‒‒‒‒‒‒‒‒‒‒‒‒‒‒‒‒‒‒‒‒‒‒‒‒‒‒‒‒‒‒‒‒‒‒‒‒‒‒‒‒‒‒
‒‒‒‒‒‒‒‒‒‒‒‒‒‒‒‒‒‒‒‒‒‒‒‒‒‒‒‒‒‒‒‒‒‒‒‒‒‒‒‒
‒‒‒‒‒‒‒‒‒‒‒‒‒‒‒‒‒‒‒‒‒‒‒‒‒‒‒‒‒‒‒‒‒‒‒‒‒‒‒‒‒‒‒‒‒‒‒
‒‒‒‒‒‒‒‒‒‒‒‒‒‒‒‒‒‒
‒‒‒‒‒‒‒‒‒‒‒‒‒‒‒‒‒‒‒‒‒‒‒‒‒‒‒‒‒‒‒‒‒‒‒‒‒‒‒‒‒
‒‒‒‒‒‒‒‒‒‒‒‒‒‒‒‒‒‒‒‒‒‒‒‒‒‒‒‒‒‒‒‒‒‒‒‒‒‒‒‒‒‒‒‒‒‒‒‒
‒‒‒‒‒‒‒‒‒‒‒‒‒‒‒‒‒‒‒‒‒‒‒‒‒‒‒‒‒‒‒‒‒‒‒‒‒‒‒‒‒
‒‒‒‒‒‒‒‒‒‒‒‒‒‒‒‒‒‒‒‒‒‒‒‒‒‒‒‒‒‒‒‒‒‒‒‒‒‒‒‒‒‒‒‒‒‒‒‒
‒‒‒‒‒‒‒‒‒‒‒‒‒‒‒‒‒‒‒‒‒‒
‒‒‒‒‒‒‒‒‒‒‒‒‒‒‒‒‒‒‒‒‒‒‒‒‒‒‒‒‒‒‒‒‒‒‒‒‒‒‒‒‒‒
‒‒‒‒‒‒‒‒‒‒‒‒‒‒‒‒‒‒‒‒‒‒‒‒‒‒‒‒‒‒‒‒‒‒‒‒‒‒‒‒‒‒‒‒‒‒‒‒‒
‒‒‒‒‒‒‒‒‒‒‒‒‒‒‒‒‒‒‒‒‒‒‒‒‒‒‒‒‒‒‒‒‒‒‒‒‒‒‒‒‒‒
‒‒‒‒‒‒‒‒‒‒‒‒‒‒‒‒‒‒‒‒‒‒‒‒‒‒‒‒‒‒‒‒‒‒‒‒‒‒‒‒‒‒‒‒‒‒‒‒‒
‒‒‒‒‒‒‒‒‒‒‒‒‒‒‒‒‒‒‒‒‒‒‒‒‒‒‒‒‒‒‒‒‒‒‒‒‒‒‒‒‒‒
‒‒‒‒‒‒‒‒‒‒‒‒‒‒‒‒‒‒‒‒‒‒‒‒‒‒‒‒‒‒‒‒‒‒‒‒‒‒‒‒‒‒‒‒‒‒‒‒‒
‒‒‒‒‒‒‒‒‒‒‒‒‒‒‒‒‒‒‒‒‒‒‒‒‒‒‒‒‒‒‒‒‒‒‒‒‒‒‒‒‒‒
‒‒‒‒‒‒‒‒‒‒‒‒‒‒‒‒‒‒‒‒‒‒‒‒‒‒‒‒‒‒‒‒‒‒‒‒‒‒‒‒‒‒‒‒‒‒‒‒‒
‒‒‒‒‒‒‒‒‒‒‒‒‒‒‒‒‒‒‒‒‒‒‒‒‒‒‒‒‒‒‒‒‒‒‒‒‒‒‒‒‒‒
‒‒‒‒‒‒‒‒‒‒‒‒‒‒‒‒‒‒‒‒‒‒‒‒‒‒‒‒‒‒‒‒‒‒‒‒‒‒‒‒‒‒‒‒‒‒‒‒‒
‒‒‒‒‒‒‒‒‒‒‒‒‒‒‒‒‒‒‒‒‒‒‒‒‒‒‒‒‒‒‒‒‒‒‒‒‒‒‒‒‒‒
‒‒‒‒‒‒‒‒‒‒‒‒‒‒‒‒‒‒‒‒‒‒‒‒‒‒‒‒‒‒‒‒‒‒‒‒‒‒‒‒‒‒‒‒‒‒‒‒‒
‒‒‒‒‒‒‒‒‒‒‒‒‒‒‒‒‒‒‒‒‒‒‒‒‒‒‒‒‒‒‒‒‒‒‒‒‒‒‒‒‒‒
‒‒‒‒‒‒‒‒‒‒‒‒‒‒‒‒‒‒‒‒‒‒‒‒‒‒‒‒‒‒‒‒‒‒‒‒‒‒‒‒‒‒‒‒‒‒‒‒‒
‒‒‒‒‒‒‒‒‒‒‒‒‒‒‒‒‒‒‒‒‒‒‒‒‒‒‒‒‒‒‒‒‒‒‒‒‒‒‒‒‒‒
‒‒‒‒‒‒‒‒‒‒‒‒‒‒‒‒‒‒‒‒‒‒‒‒‒‒‒‒‒‒‒‒‒‒‒‒‒‒‒‒‒‒‒‒‒‒‒‒‒
‒‒‒‒‒‒‒‒‒‒‒‒‒‒‒‒‒‒‒‒‒‒‒‒‒‒‒‒‒‒‒‒‒‒‒‒‒‒‒‒‒‒
‒‒‒‒‒‒‒‒‒‒‒‒‒‒‒‒‒‒‒‒‒‒‒‒‒‒‒‒‒‒‒‒‒‒‒‒‒‒‒‒‒‒‒‒‒‒‒‒‒
‒‒‒‒‒‒‒‒‒‒‒‒‒‒‒‒‒‒‒‒‒‒‒‒‒‒‒‒‒‒‒‒‒‒‒‒‒‒‒‒‒‒
‒‒‒‒‒‒‒‒‒‒‒‒‒‒‒‒‒‒‒‒‒‒‒‒‒‒‒‒‒‒‒‒‒‒‒‒‒‒‒‒‒‒‒‒‒‒‒‒‒
‒‒‒‒‒‒‒‒‒‒‒‒‒‒‒‒‒‒‒‒‒‒‒‒‒‒‒‒‒‒‒‒‒‒‒‒‒‒‒‒‒‒
‒‒‒‒‒‒‒‒‒‒‒‒‒‒‒‒‒‒‒‒‒‒‒‒‒‒‒‒‒‒‒‒‒‒‒‒‒‒‒‒‒‒‒‒‒‒‒‒‒
‒‒‒‒‒‒‒‒‒‒‒‒‒‒‒‒‒‒
‒‒‒‒‒‒‒‒‒‒‒‒‒‒‒‒‒‒‒‒‒‒‒‒‒‒‒‒‒‒‒‒‒‒‒‒‒‒‒‒‒‒‒
‒‒‒‒‒‒‒‒‒‒‒‒‒‒‒‒‒‒‒‒‒‒‒‒‒‒‒‒‒‒‒‒‒‒‒‒‒‒‒‒‒‒‒‒‒‒‒‒‒‒
‒‒‒‒‒‒‒‒‒‒‒‒‒‒‒‒‒‒‒‒‒‒‒‒‒‒‒‒‒‒‒‒‒‒‒‒‒‒‒‒‒‒‒
‒‒‒‒‒‒‒‒‒‒‒‒‒‒‒‒‒‒‒‒‒‒‒‒‒‒‒‒‒‒‒‒‒‒‒‒‒‒‒‒‒‒‒‒‒‒‒‒‒‒
‒‒‒‒‒‒‒‒‒‒‒‒‒‒‒‒‒‒‒‒‒‒‒‒‒‒‒‒‒‒‒‒‒‒‒‒‒‒‒‒‒‒‒
‒‒‒‒‒‒‒‒‒‒‒‒‒‒‒‒‒‒‒‒‒‒‒‒‒‒‒‒‒‒‒‒‒‒‒‒‒‒‒‒‒‒‒‒‒‒‒‒‒‒
‒‒‒‒‒‒‒‒‒‒‒‒‒‒‒‒‒‒‒‒‒‒‒‒‒‒‒‒‒‒‒‒‒‒‒‒‒‒‒‒‒‒‒
‒‒‒‒‒‒‒‒‒‒‒‒‒‒‒‒‒‒‒‒‒‒
‒‒‒‒‒‒‒‒‒‒‒‒‒‒‒‒‒‒‒‒‒‒‒‒‒‒‒‒‒‒‒‒‒‒‒‒‒‒‒‒‒‒‒‒
‒‒‒‒‒‒‒‒‒‒‒‒‒‒‒‒‒‒‒‒‒‒‒‒‒‒‒‒‒‒‒‒‒‒‒‒‒‒‒‒‒‒‒‒‒‒‒‒‒‒‒
‒‒‒‒‒‒‒‒‒‒‒‒‒‒‒‒‒‒‒‒‒‒‒‒‒‒‒‒‒‒‒‒‒‒‒‒‒‒‒‒‒‒‒‒
‒‒‒‒‒‒‒‒‒‒‒‒‒‒‒‒‒‒‒‒‒‒‒‒‒‒‒‒‒‒‒‒‒‒‒‒‒‒‒‒‒‒‒‒‒‒‒‒‒‒‒
‒‒‒‒‒‒‒‒‒‒‒‒‒‒‒‒‒‒‒‒‒‒‒‒‒‒‒‒‒‒‒‒‒‒‒‒‒‒‒‒‒‒‒‒
‒‒‒‒‒‒‒‒‒‒‒‒‒‒‒‒‒‒‒‒‒‒‒‒‒‒‒‒‒‒‒‒‒‒‒‒‒‒‒‒‒‒‒‒‒‒‒‒‒‒‒
‒‒‒‒‒‒‒‒‒‒‒‒‒‒‒‒‒‒‒‒‒‒‒‒‒‒‒‒‒‒‒‒‒‒‒‒‒‒‒‒‒‒‒‒
‒‒‒‒‒‒‒‒‒‒‒‒‒‒‒‒‒‒‒‒‒‒‒‒‒‒‒‒‒‒‒‒‒‒‒‒‒‒‒‒‒‒‒‒‒‒‒‒‒‒‒
‒‒‒‒‒‒‒‒‒‒‒‒‒‒‒‒‒‒‒‒‒‒‒‒‒‒‒‒‒‒‒‒‒‒‒‒‒‒‒‒‒‒‒‒
‒‒‒‒‒‒‒‒‒‒‒‒‒‒‒‒‒‒‒‒‒‒‒‒‒‒‒‒‒‒‒‒‒‒‒‒‒‒‒‒‒‒‒‒‒‒‒‒‒‒‒
‒‒‒‒‒‒‒‒‒‒‒‒‒‒‒‒‒‒‒‒‒‒‒‒‒‒‒‒‒‒‒‒‒‒‒‒‒‒‒‒‒‒‒‒
‒‒‒‒‒‒‒‒‒‒‒‒‒‒‒‒‒‒‒‒‒‒‒‒‒‒‒‒‒‒‒‒‒‒‒‒‒‒‒‒‒‒‒‒‒‒‒‒‒‒‒
‒‒‒‒‒‒‒‒‒‒‒‒‒‒‒‒‒‒‒‒‒‒‒‒‒‒‒‒‒‒‒‒‒‒‒‒‒‒‒‒‒‒‒‒
‒‒‒‒‒‒‒‒‒‒‒‒‒‒‒‒‒‒‒‒‒‒‒‒‒‒‒‒‒‒‒‒‒‒‒‒‒‒‒‒‒‒‒‒‒‒‒‒‒‒‒
‒‒‒‒‒‒‒‒‒‒‒‒‒‒‒‒‒‒‒‒‒‒‒‒‒‒‒‒‒‒‒‒‒‒‒‒‒‒‒‒‒‒‒‒
‒‒‒‒‒‒‒‒‒‒‒‒‒‒‒‒‒‒‒‒‒‒‒‒‒‒‒‒‒‒‒‒‒‒‒‒‒‒‒‒‒‒‒‒‒‒‒‒‒‒‒
‒‒‒‒‒‒‒‒‒‒‒‒‒‒‒‒‒‒‒‒‒‒‒‒‒‒‒‒‒‒‒‒‒‒‒‒‒‒‒‒‒‒‒‒
‒‒‒‒‒‒‒‒‒‒‒‒‒‒‒‒‒‒‒‒‒‒‒‒‒‒‒‒‒‒‒‒‒‒‒‒‒‒‒‒‒‒‒‒‒‒‒‒‒‒‒
‒‒‒‒‒‒‒‒‒‒‒‒‒‒‒‒‒‒‒‒‒‒‒‒‒‒‒‒‒‒‒‒‒‒‒‒‒‒‒‒‒‒‒‒
‒‒‒‒‒‒‒‒‒‒‒‒‒‒‒‒‒‒‒‒‒‒‒‒‒‒‒‒‒‒‒‒‒‒‒‒‒‒‒‒‒‒‒‒‒‒‒‒‒‒‒
‒‒‒‒‒‒‒‒‒‒‒‒‒‒‒‒‒‒‒‒‒‒‒‒‒‒‒‒‒‒‒‒‒‒‒‒‒‒‒‒‒‒‒‒
‒‒‒‒‒‒‒‒‒‒‒‒‒‒‒‒‒‒‒‒‒‒‒‒‒‒‒‒‒‒‒‒‒‒‒‒‒‒‒‒‒‒‒‒‒‒‒‒‒‒‒
‒‒‒‒‒‒‒‒‒‒‒‒‒‒‒‒‒‒‒‒‒‒‒‒‒‒‒‒‒‒‒‒‒‒‒‒‒‒‒‒‒‒‒‒
‒‒‒‒‒‒‒‒‒‒‒‒‒‒‒‒‒‒‒‒‒‒‒‒‒‒‒‒‒‒‒‒‒‒‒‒‒‒‒‒‒‒‒‒‒‒‒‒‒‒‒
‒‒‒‒‒‒‒‒‒‒‒‒‒‒‒‒‒‒‒‒‒‒‒‒‒‒‒‒‒‒‒‒‒‒‒‒‒‒‒‒‒‒‒‒
‒‒‒‒‒‒‒‒‒‒‒‒‒‒‒‒‒‒‒‒‒‒‒‒‒‒‒‒‒‒‒‒‒‒‒‒‒‒‒‒‒‒‒‒‒‒‒‒‒‒‒
‒‒‒‒‒‒‒‒‒‒‒‒‒‒‒‒‒‒‒‒‒‒‒‒‒‒‒‒‒‒‒‒‒‒‒‒‒‒‒‒‒‒‒‒
‒‒‒‒‒‒‒‒‒‒‒‒‒‒‒‒‒‒‒‒‒‒‒‒‒‒‒‒‒‒‒‒‒‒‒‒‒‒‒‒‒‒‒‒‒‒‒‒‒‒‒
‒‒‒‒‒‒‒‒‒‒‒‒‒‒‒‒‒‒‒‒‒‒‒‒‒‒‒‒‒‒‒‒‒‒‒‒‒‒‒‒‒‒‒‒
‒‒‒‒‒‒‒‒‒‒‒‒‒‒‒‒‒‒‒‒‒‒‒‒‒‒‒‒‒‒‒‒‒‒‒‒‒‒‒‒‒‒‒‒‒‒‒‒‒‒‒
‒‒‒‒‒‒‒‒‒‒‒‒‒‒‒‒‒‒‒‒‒‒‒‒‒‒‒‒‒‒‒‒‒‒‒‒‒‒‒‒‒‒‒‒
‒‒‒‒‒‒‒‒‒‒‒‒‒‒‒‒‒‒‒‒‒‒‒‒‒‒‒‒‒‒‒‒‒‒‒‒‒‒‒‒‒‒‒‒‒‒‒‒‒‒‒
‒‒‒‒‒‒‒‒‒‒‒‒‒‒‒‒‒‒‒‒‒‒‒‒‒‒‒‒‒‒‒‒‒‒‒‒‒‒‒‒‒‒‒‒
‒‒‒‒‒‒‒‒‒‒‒‒‒‒‒‒‒‒‒‒‒‒‒‒‒‒‒‒‒‒‒‒‒‒‒‒‒‒‒‒‒‒‒‒‒‒‒‒‒‒‒
‒‒‒‒‒‒‒‒‒‒‒‒‒‒‒‒‒‒‒‒‒‒‒‒‒‒‒‒‒‒‒‒‒‒‒‒‒‒‒‒‒‒‒‒
‒‒‒‒‒‒‒‒‒‒‒‒‒‒‒‒‒‒‒‒‒‒‒‒‒‒‒‒‒‒‒‒‒‒‒‒‒‒‒‒‒‒‒‒‒‒‒‒‒‒‒
‒‒‒‒‒‒‒‒‒‒‒‒‒‒‒‒‒‒‒‒‒‒‒‒‒‒‒‒‒‒‒‒‒‒‒‒‒‒‒‒‒‒‒‒
‒‒‒‒‒‒‒‒‒‒‒‒‒‒‒‒‒‒‒‒‒‒‒‒‒‒‒‒‒‒‒‒‒‒‒‒‒‒‒‒‒‒‒‒‒‒‒‒‒‒‒
‒‒‒‒‒‒‒‒‒‒‒‒‒‒‒‒‒‒‒‒‒‒‒‒‒‒‒‒‒‒‒‒‒‒‒‒‒‒‒‒‒‒‒‒
‒‒‒‒‒‒‒‒‒‒‒‒‒‒‒‒‒‒‒‒‒‒‒‒‒‒‒‒‒‒‒‒‒‒‒‒‒‒‒‒‒‒‒‒‒‒‒‒‒‒‒
‒‒‒‒‒‒‒‒‒‒‒‒‒‒‒‒‒‒‒‒‒‒‒‒‒‒‒‒‒‒‒‒‒‒‒‒‒‒‒‒‒‒‒‒
‒‒‒‒‒‒‒‒‒‒‒‒‒‒‒‒‒‒‒‒‒‒‒‒‒‒‒‒‒‒‒‒‒‒‒‒‒‒‒‒‒‒‒‒‒‒‒‒‒‒‒
‒‒‒‒‒‒‒‒‒‒‒‒‒‒‒‒‒‒‒‒‒‒‒‒‒‒‒‒‒‒‒‒‒‒‒‒‒‒‒‒‒‒‒‒
‒‒‒‒‒‒‒‒‒‒‒‒‒‒‒‒‒‒‒‒‒‒‒‒‒‒‒‒‒‒‒‒‒‒‒‒‒‒‒‒‒‒‒‒‒‒‒‒‒‒‒
